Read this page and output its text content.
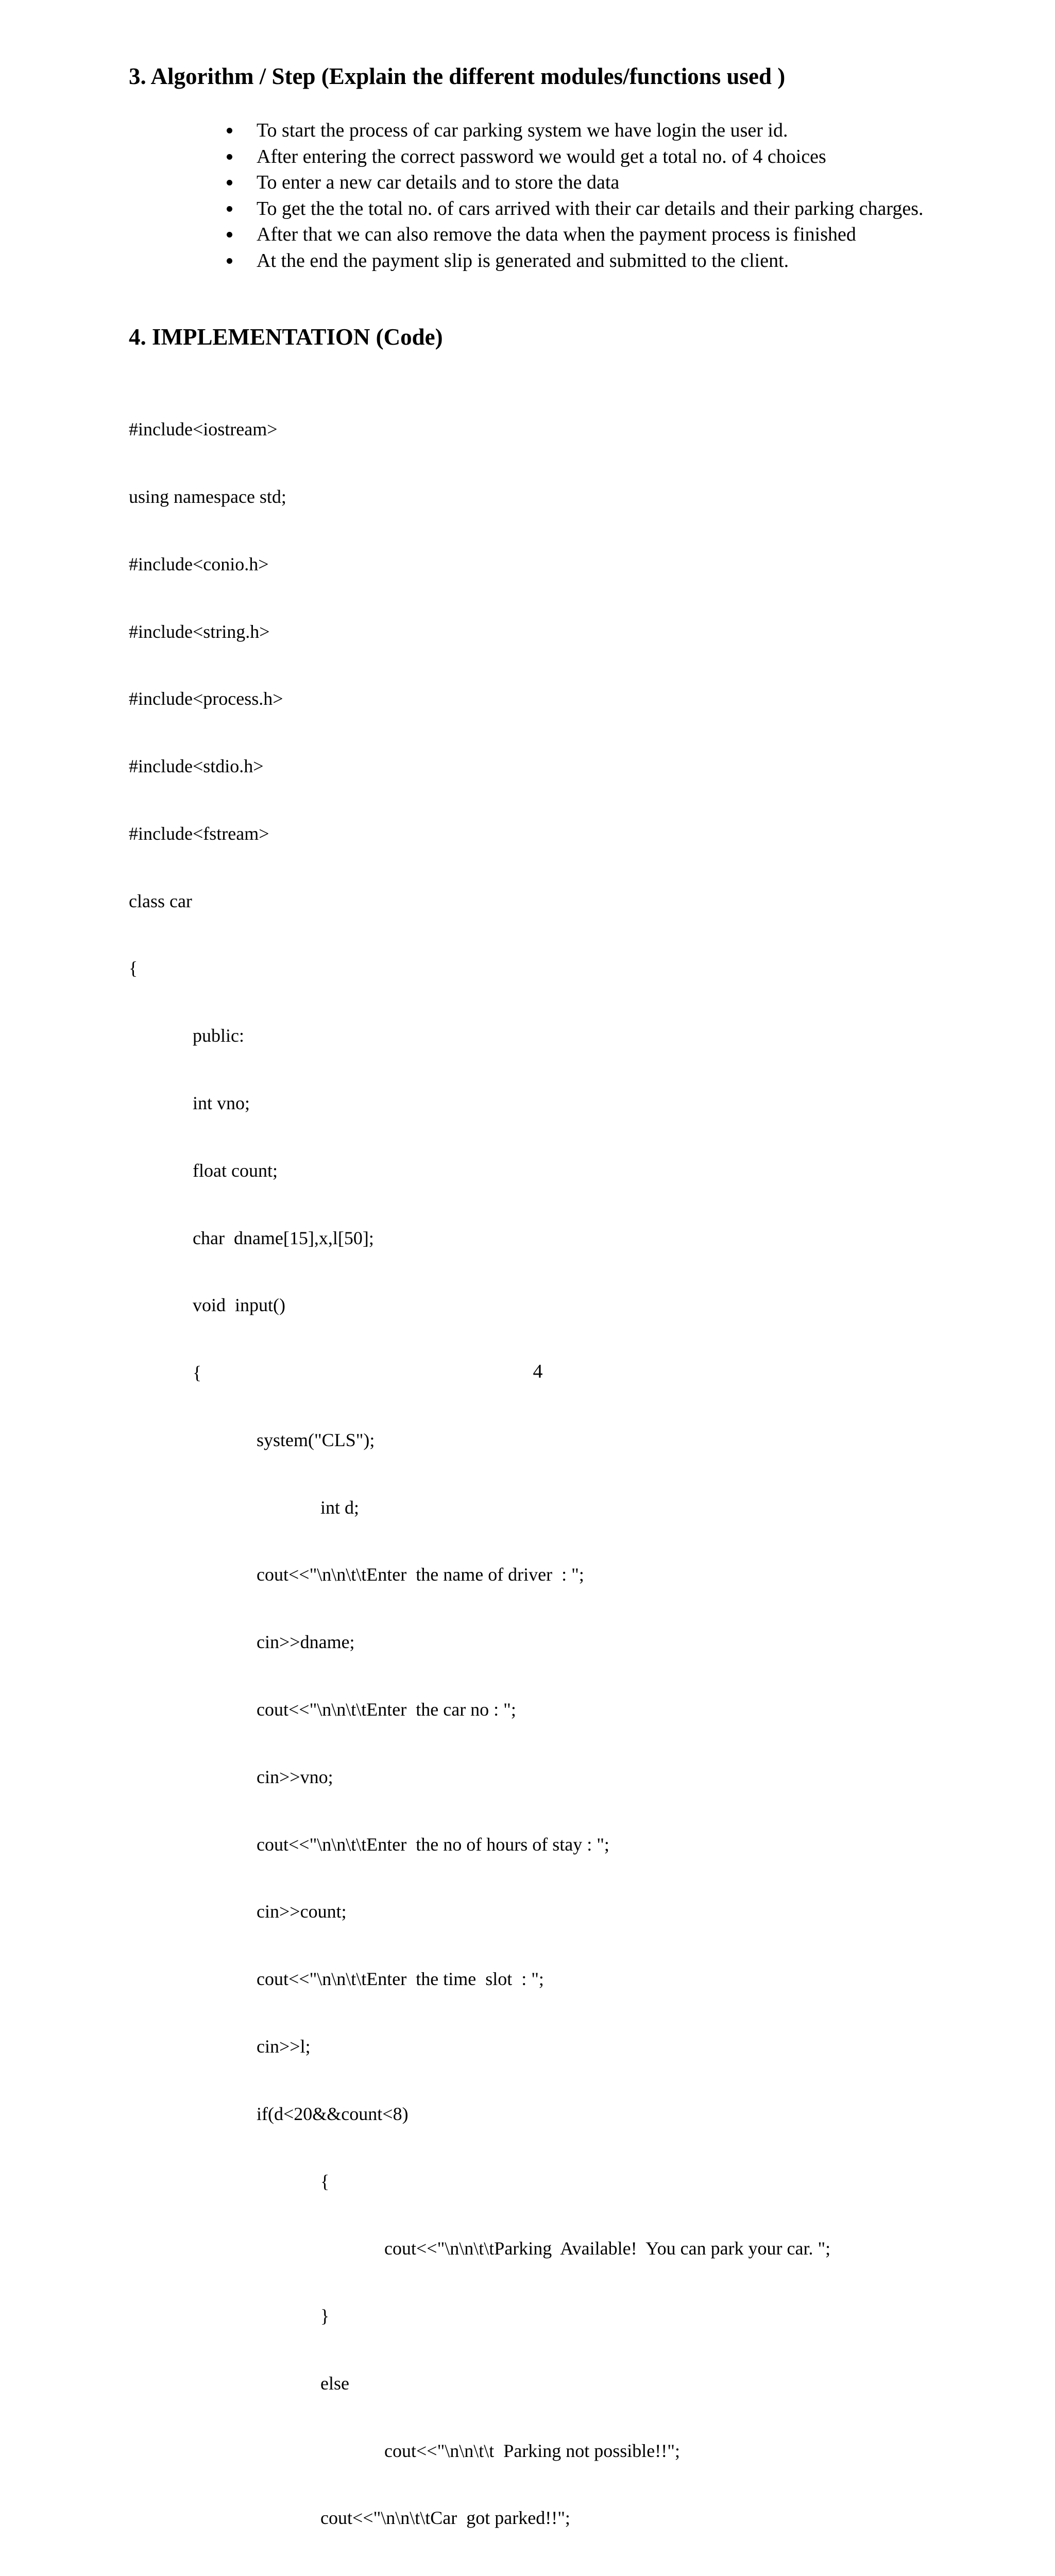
3. Algorithm / Step (Explain the different modules/functions used )
To start the process of car parking system we have login the user id.
After entering the correct password we would get a total no. of 4 choices
To enter a new car details and to store the data
To get the the total no. of cars arrived with their car details and their parking charges.
After that we can also remove the data when the payment process is finished
At the end the payment slip is generated and submitted to the client.
4. IMPLEMENTATION (Code)

#include<iostream>

using namespace std;

#include<conio.h>

#include<string.h>

#include<process.h>

#include<stdio.h>

#include<fstream>

class car

{

public:

int vno;

float count;

char  dname[15],x,l[50];

void  input()

{

system("CLS");

int d;

cout<<"\n\n\t\tEnter  the name of driver  : ";

cin>>dname;

cout<<"\n\n\t\tEnter  the car no : ";

cin>>vno;

cout<<"\n\n\t\tEnter  the no of hours of stay : ";

cin>>count;

cout<<"\n\n\t\tEnter  the time  slot  : ";

cin>>l;

if(d<20&&count<8)

{

cout<<"\n\n\t\tParking  Available!  You can park your car. ";

}

else

cout<<"\n\n\t\t  Parking not possible!!";

cout<<"\n\n\t\tCar  got parked!!";

4
